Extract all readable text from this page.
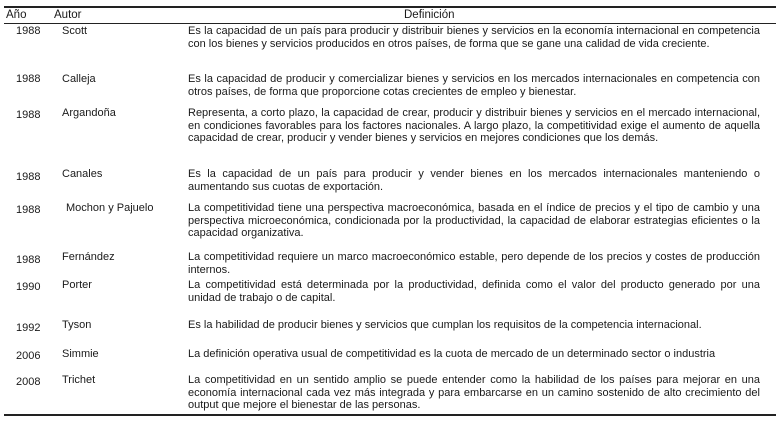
Año Autor	Definición
1988 Scott	Es la capacidad de un país para producir y distribuir bienes y servicios en la economía internacional en competencia con los bienes y servicios producidos en otros países, de forma que se gane una calidad de vida creciente.
1988 Calleja	Es la capacidad de producir y comercializar bienes y servicios en los mercados internacionales en competencia con otros países, de forma que proporcione cotas crecientes de empleo y bienestar.
1988 Argandoña	Representa, a corto plazo, la capacidad de crear, producir y distribuir bienes y servicios en el mercado internacional, en condiciones favorables para los factores nacionales. A largo plazo, la competitividad exige el aumento de aquella capacidad de crear, producir y vender bienes y servicios en mejores condiciones que los demás.
1988 Canales	Es la capacidad de un país para producir y vender bienes en los mercados internacionales manteniendo o aumentando sus cuotas de exportación.
1988 Mochon y Pajuelo	La competitividad tiene una perspectiva macroeconómica, basada en el índice de precios y el tipo de cambio y una perspectiva microeconómica, condicionada por la productividad, la capacidad de elaborar estrategias eficientes o la capacidad organizativa.
1988 Fernández	La competitividad requiere un marco macroeconómico estable, pero depende de los precios y costes de producción internos.
1990 Porter	La competitividad está determinada por la productividad, definida como el valor del producto generado por una unidad de trabajo o de capital.
1992 Tyson	Es la habilidad de producir bienes y servicios que cumplan los requisitos de la competencia internacional.
2006 Simmie	La definición operativa usual de competitividad es la cuota de mercado de un determinado sector o industria
2008 Trichet	La competitividad en un sentido amplio se puede entender como la habilidad de los países para mejorar en una economía internacional cada vez más integrada y para embarcarse en un camino sostenido de alto crecimiento del output que mejore el bienestar de las personas.
